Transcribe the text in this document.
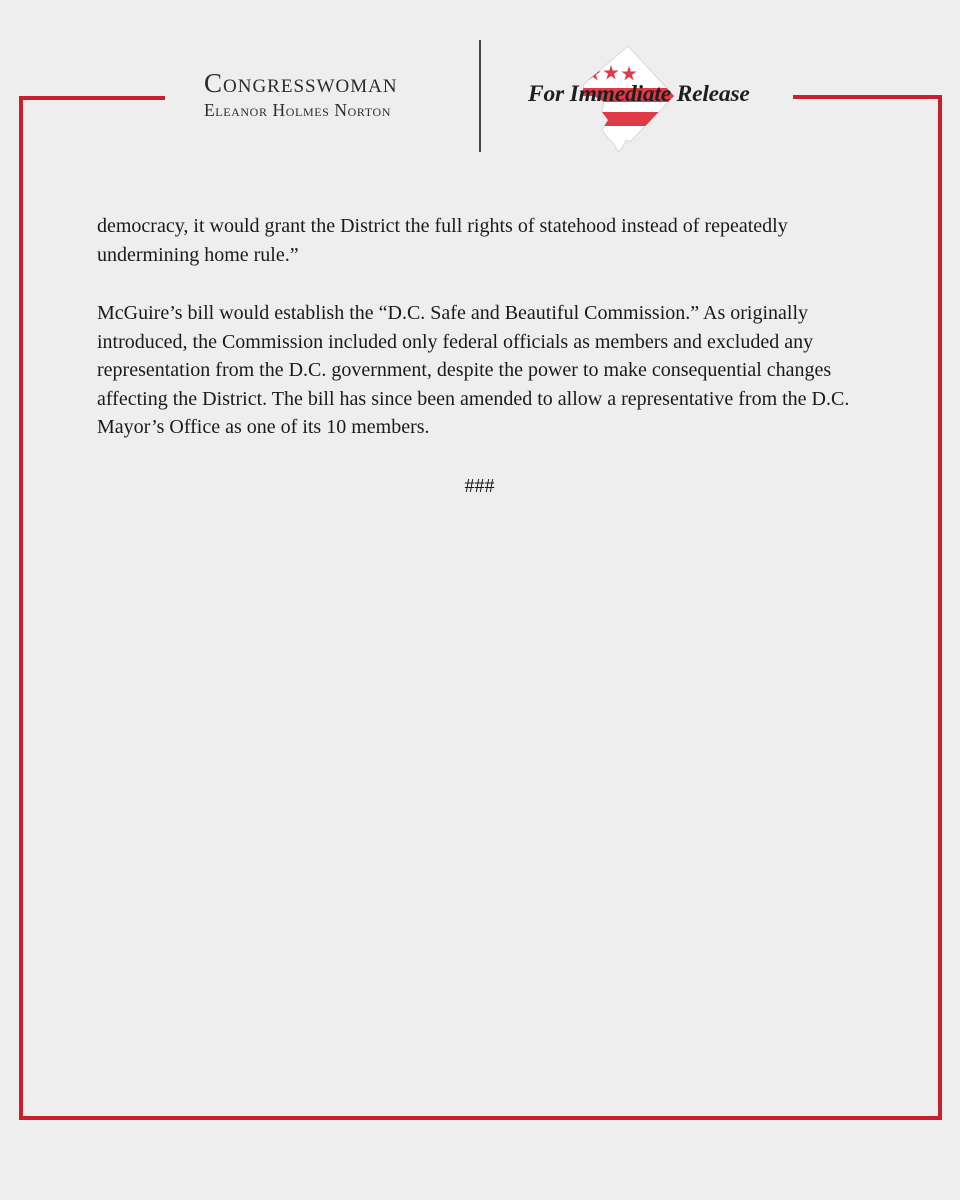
Congresswoman
Eleanor Holmes Norton
For Immediate Release

democracy, it would grant the District the full rights of statehood instead of repeatedly undermining home rule.”

McGuire’s bill would establish the “D.C. Safe and Beautiful Commission.” As originally introduced, the Commission included only federal officials as members and excluded any representation from the D.C. government, despite the power to make consequential changes affecting the District. The bill has since been amended to allow a representative from the D.C. Mayor’s Office as one of its 10 members.

###
